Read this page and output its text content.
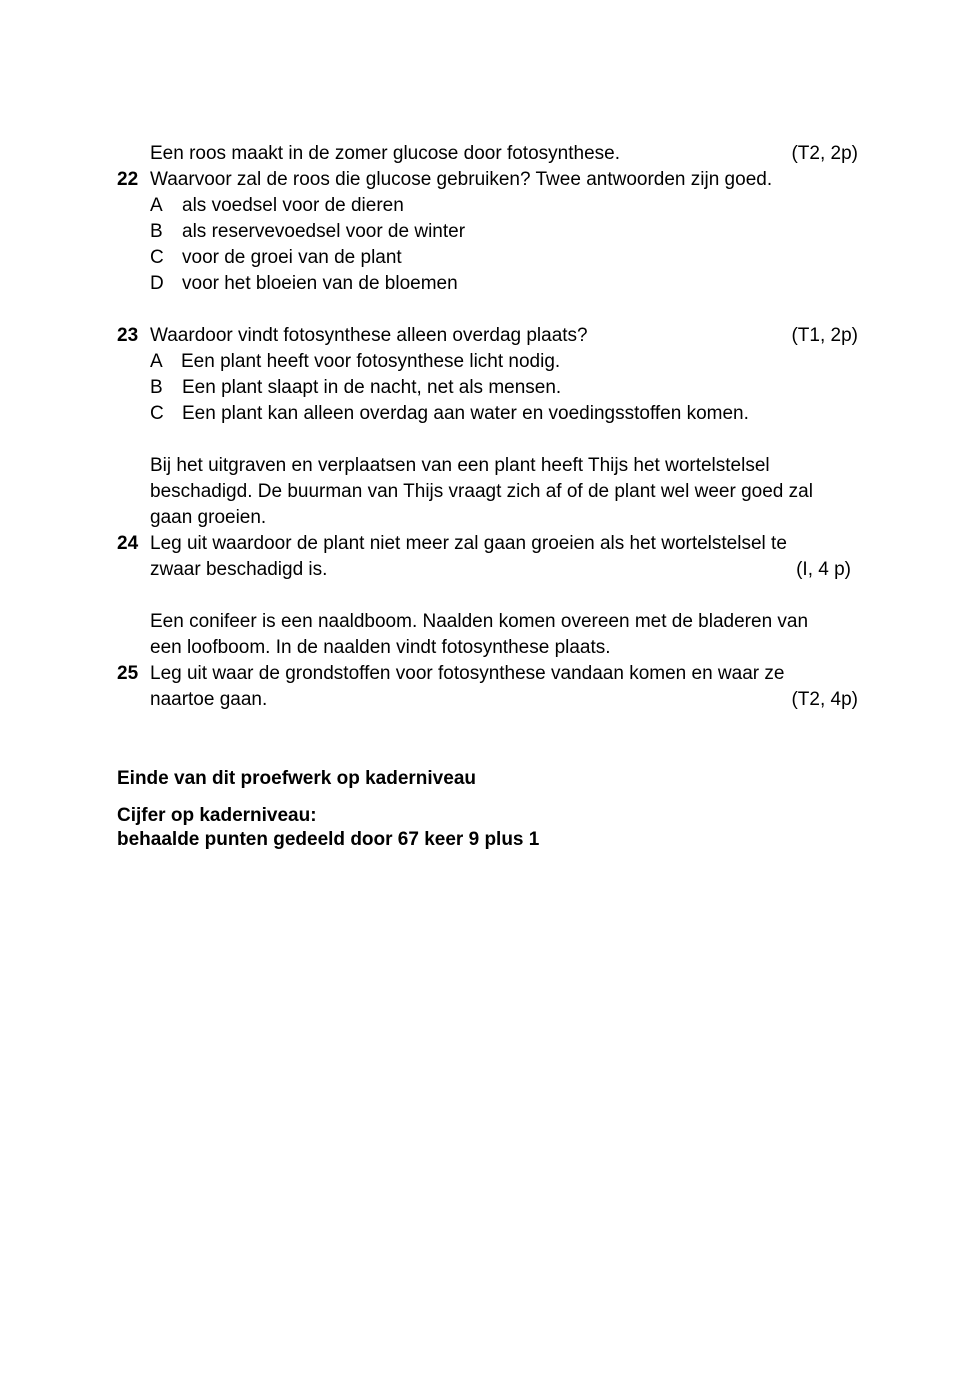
Een roos maakt in de zomer glucose door fotosynthese.	(T2, 2p)
22 Waarvoor zal de roos die glucose gebruiken? Twee antwoorden zijn goed.
A als voedsel voor de dieren
B als reservevoedsel voor de winter
C voor de groei van de plant
D voor het bloeien van de bloemen
23 Waardoor vindt fotosynthese alleen overdag plaats?	(T1, 2p)
A Een plant heeft voor fotosynthese licht nodig.
B Een plant slaapt in de nacht, net als mensen.
C Een plant kan alleen overdag aan water en voedingsstoffen komen.
Bij het uitgraven en verplaatsen van een plant heeft Thijs het wortelstelsel
beschadigd. De buurman van Thijs vraagt zich af of de plant wel weer goed zal
gaan groeien.
24 Leg uit waardoor de plant niet meer zal gaan groeien als het wortelstelsel te
zwaar beschadigd is.	(I, 4 p)
Een conifeer is een naaldboom. Naalden komen overeen met de bladeren van
een loofboom. In de naalden vindt fotosynthese plaats.
25 Leg uit waar de grondstoffen voor fotosynthese vandaan komen en waar ze
naartoe gaan.	(T2, 4p)
Einde van dit proefwerk op kaderniveau
Cijfer op kaderniveau:
behaalde punten gedeeld door 67 keer 9 plus 1
